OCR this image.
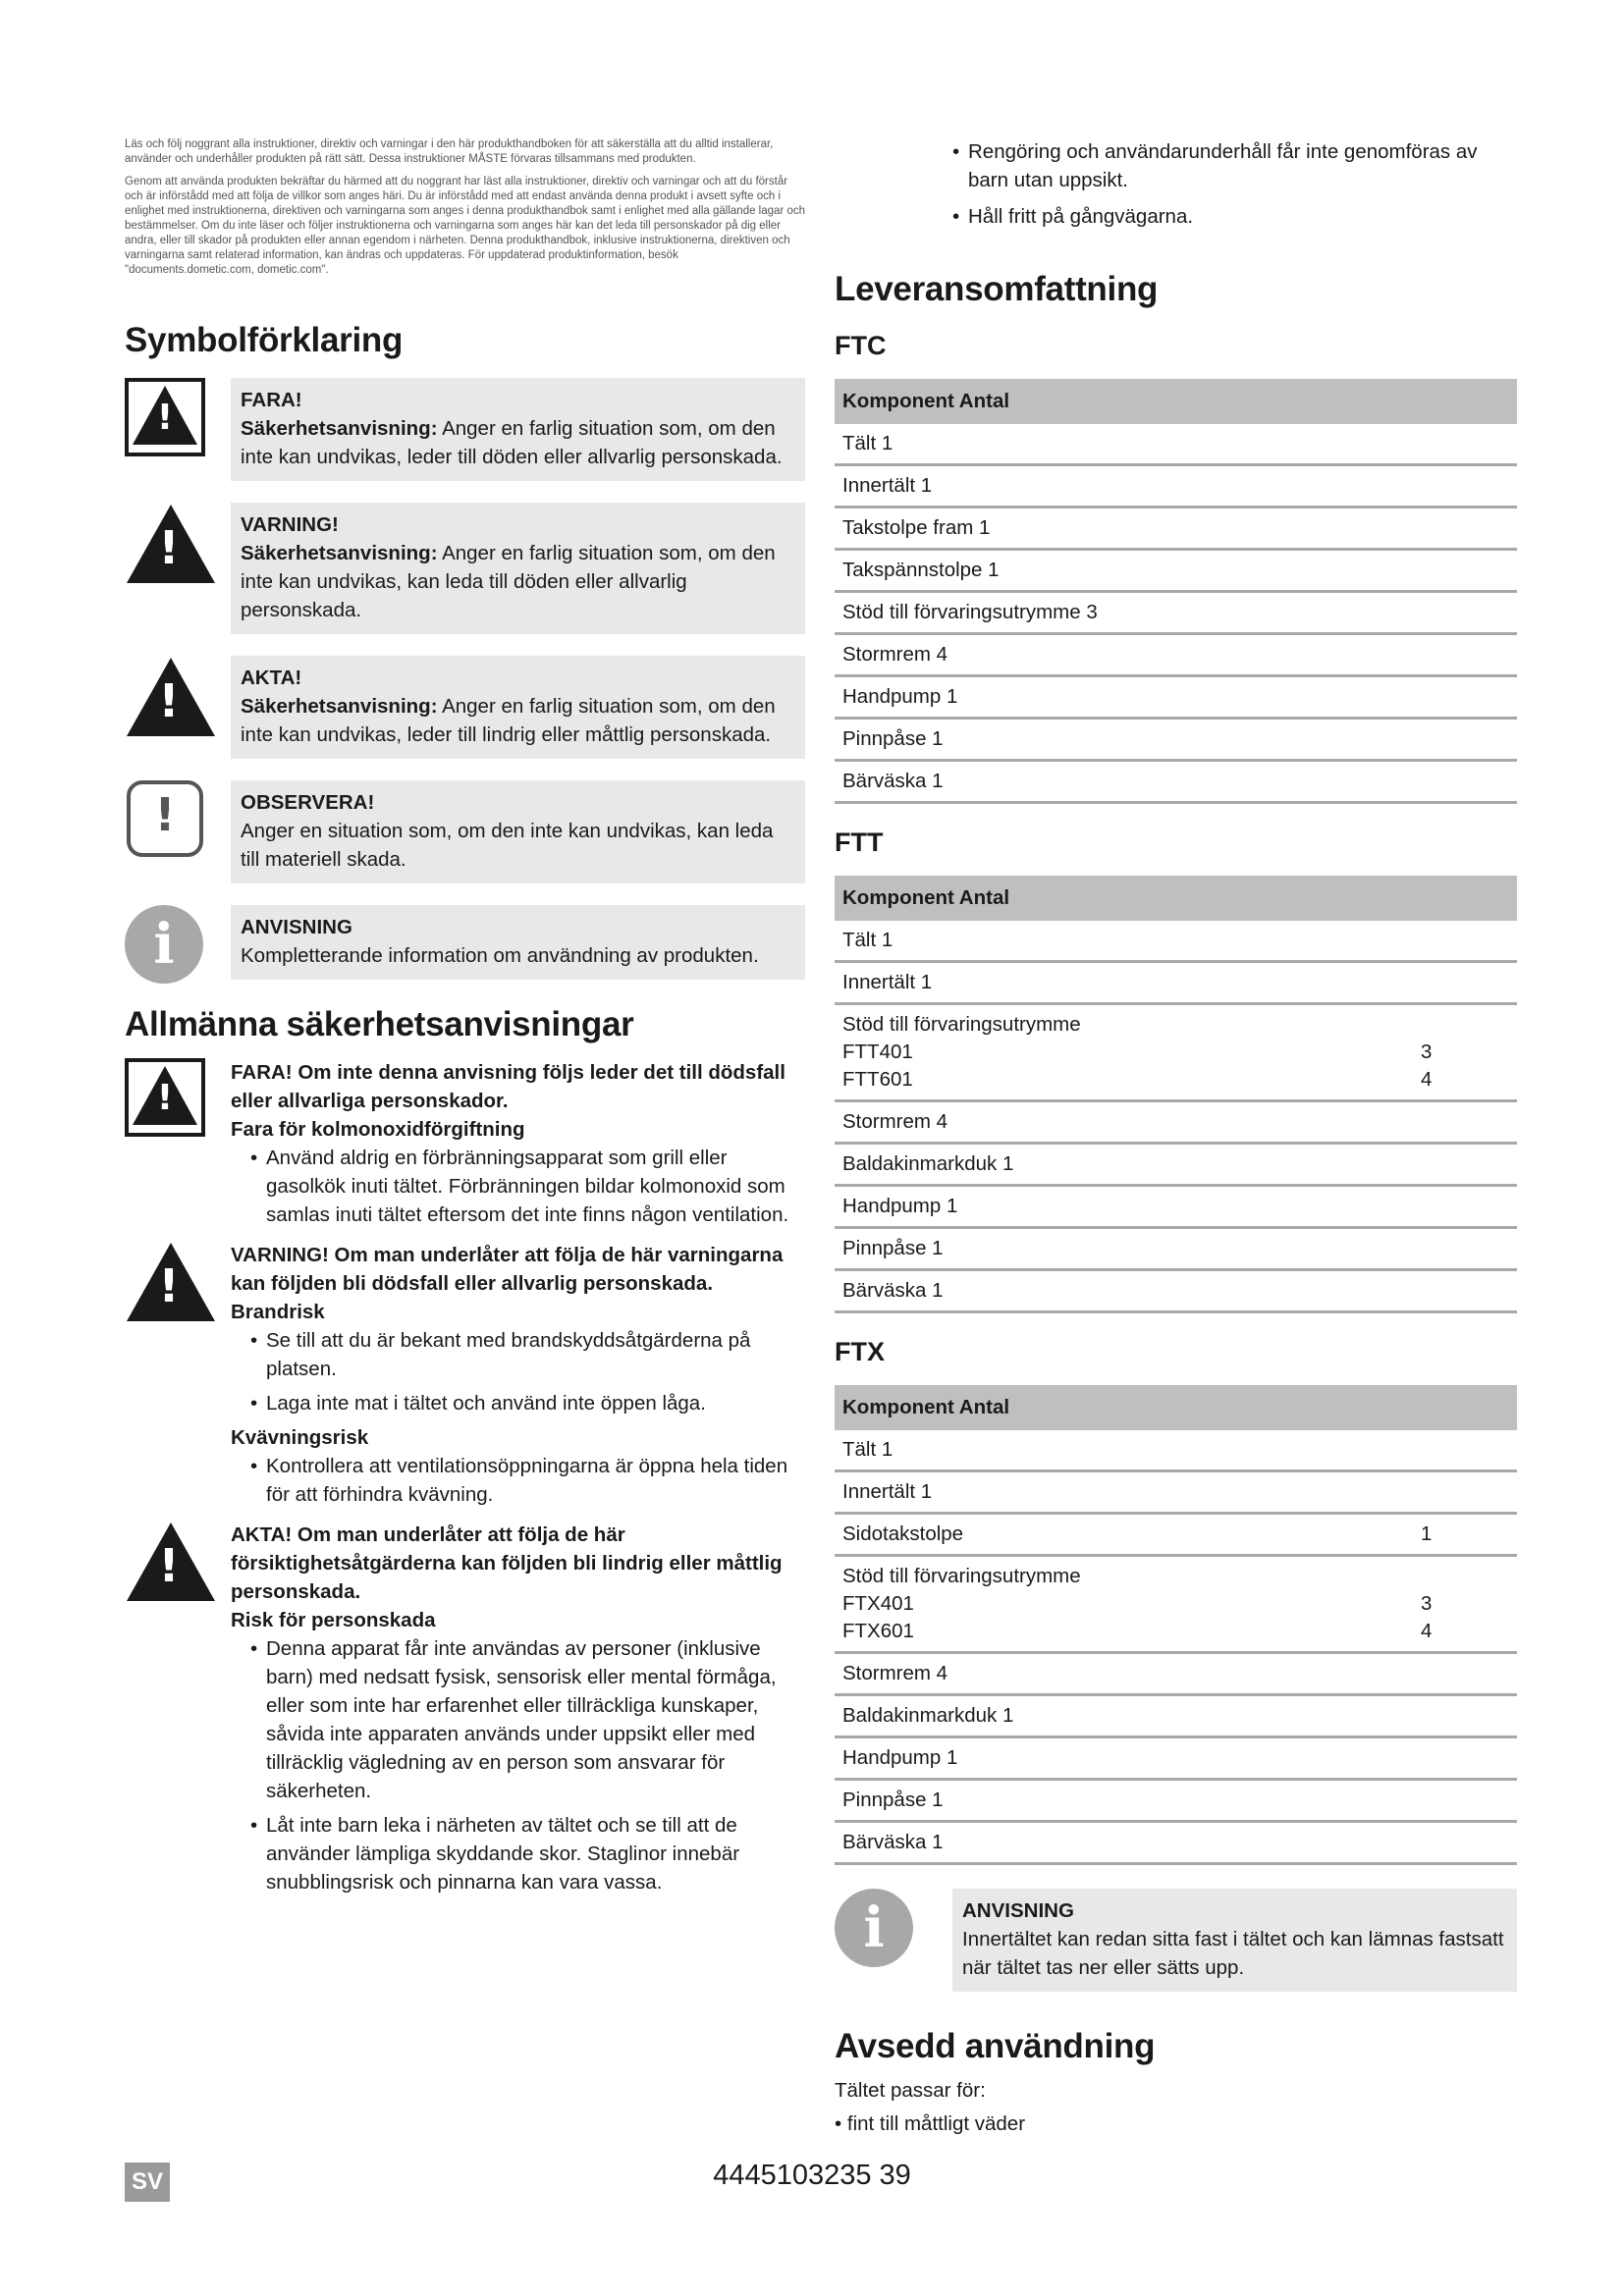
Läs och följ noggrant alla instruktioner, direktiv och varningar i den här produkthandboken för att säkerställa att du alltid installerar, använder och underhåller produkten på rätt sätt. Dessa instruktioner MÅSTE förvaras tillsammans med produkten.

Genom att använda produkten bekräftar du härmed att du noggrant har läst alla instruktioner, direktiv och varningar och att du förstår och är införstådd med att följa de villkor som anges häri. Du är införstådd med att endast använda denna produkt i avsett syfte och i enlighet med instruktionerna, direktiven och varningarna som anges i denna produkthandbok samt i enlighet med alla gällande lagar och bestämmelser. Om du inte läser och följer instruktionerna och varningarna som anges här kan det leda till personskador på dig eller andra, eller till skador på produkten eller annan egendom i närheten. Denna produkthandbok, inklusive instruktionerna, direktiven och varningarna samt relaterad information, kan ändras och uppdateras. För uppdaterad produktinformation, besök "documents.dometic.com, dometic.com".

Symbolförklaring
!	FARA!
Säkerhetsanvisning: Anger en farlig situation som, om den inte kan undvikas, leder till döden eller allvarlig personskada.
!	VARNING!
Säkerhetsanvisning: Anger en farlig situation som, om den inte kan undvikas, kan leda till döden eller allvarlig personskada.
!	AKTA!
Säkerhetsanvisning: Anger en farlig situation som, om den inte kan undvikas, leder till lindrig eller måttlig personskada.
!	OBSERVERA!
Anger en situation som, om den inte kan undvikas, kan leda till materiell skada.
i	ANVISNING
Kompletterande information om användning av produkten.
Allmänna säkerhetsanvisningar
!
FARA! Om inte denna anvisning följs leder det till dödsfall eller allvarliga personskador.
Fara för kolmonoxidförgiftning
• Använd aldrig en förbränningsapparat som grill eller gasolkök inuti tältet. Förbränningen bildar kolmonoxid som samlas inuti tältet eftersom det inte finns någon ventilation.
!
VARNING! Om man underlåter att följa de här varningarna kan följden bli dödsfall eller allvarlig personskada.
Brandrisk
• Se till att du är bekant med brandskyddsåtgärderna på platsen.
• Laga inte mat i tältet och använd inte öppen låga.
Kvävningsrisk
• Kontrollera att ventilationsöppningarna är öppna hela tiden för att förhindra kvävning.
!
AKTA! Om man underlåter att följa de här försiktighetsåtgärderna kan följden bli lindrig eller måttlig personskada.
Risk för personskada
• Denna apparat får inte användas av personer (inklusive barn) med nedsatt fysisk, sensorisk eller mental förmåga, eller som inte har erfarenhet eller tillräckliga kunskaper, såvida inte apparaten används under uppsikt eller med tillräcklig vägledning av en person som ansvarar för säkerheten.
• Låt inte barn leka i närheten av tältet och se till att de använder lämpliga skyddande skor. Staglinor innebär snubblingsrisk och pinnarna kan vara vassa.
• Rengöring och användarunderhåll får inte genomföras av barn utan uppsikt.
• Håll fritt på gångvägarna.
Leveransomfattning
FTC
Komponent Antal
Tält 1
Innertält 1
Takstolpe fram 1
Takspännstolpe 1
Stöd till förvaringsutrymme 3
Stormrem 4
Handpump 1
Pinnpåse 1
Bärväska 1
FTT
Komponent Antal
Tält 1
Innertält 1

Stöd till förvaringsutrymme
FTT401	3
FTT601	4

Stormrem 4
Baldakinmarkduk 1
Handpump 1
Pinnpåse 1
Bärväska 1
FTX
Komponent Antal
Tält 1
Innertält 1

Sidotakstolpe	1

Stöd till förvaringsutrymme
FTX401	3
FTX601	4

Stormrem 4
Baldakinmarkduk 1
Handpump 1
Pinnpåse 1
Bärväska 1
i	ANVISNING
Innertältet kan redan sitta fast i tältet och kan lämnas fastsatt när tältet tas ner eller sätts upp.
Avsedd användning
Tältet passar för:
• fint till måttligt väder
SV	4445103235 39
